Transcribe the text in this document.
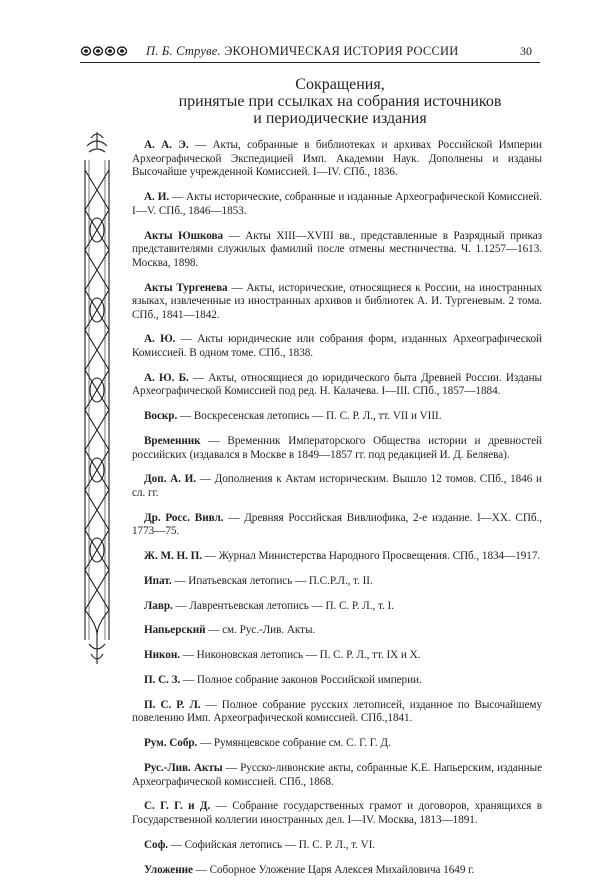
П. Б. Струве. ЭКОНОМИЧЕСКАЯ ИСТОРИЯ РОССИИ	30
Сокращения,
принятые при ссылках на собрания источников
и периодические издания

А. А. Э. — Акты, собранные в библиотеках и архивах Российской Империи Археографической Экспедицией Имп. Академии Наук. Дополнены и изданы Высочайше учрежденной Комиссией. I—IV. СПб., 1836.

А. И. — Акты исторические, собранные и изданные Археографической Комиссией. I—V. СПб., 1846—1853.

Акты Юшкова — Акты XIII—XVIII вв., представленные в Разрядный приказ представителями служилых фамилий после отмены местничества. Ч. 1.1257—1613. Москва, 1898.

Акты Тургенева — Акты, исторические, относящиеся к России, на иностранных языках, извлеченные из иностранных архивов и библиотек А. И. Тургеневым. 2 тома. СПб., 1841—1842.

А. Ю. — Акты юридические или собрания форм, изданных Археографической Комиссией. В одном томе. СПб., 1838.

А. Ю. Б. — Акты, относящиеся до юридического быта Древней России. Изданы Археографической Комиссией под ред. Н. Калачева. I—III. СПб., 1857—1884.

Воскр. — Воскресенская летопись — П. С. Р. Л., тт. VII и VIII.

Временник — Временник Императорского Общества истории и древностей российских (издавался в Москве в 1849—1857 гг. под редакцией И. Д. Беляева).

Доп. А. И. — Дополнения к Актам историческим. Вышло 12 томов. СПб., 1846 и сл. гг.

Др. Росс. Вивл. — Древняя Российская Вивлиофика, 2-е издание. I—XX. СПб., 1773—75.

Ж. М. Н. П. — Журнал Министерства Народного Просвещения. СПб., 1834—1917.

Ипат. — Ипатьевская летопись — П.С.Р.Л., т. II.

Лавр. — Лаврентьевская летопись — П. С. Р. Л., т. I.

Напьерский — см. Рус.-Лив. Акты.

Никон. — Никоновская летопись — П. С. Р. Л., тт. IX и X.

П. С. З. — Полное собрание законов Российской империи.

П. С. Р. Л. — Полное собрание русских летописей, изданное по Высочайшему повелению Имп. Археографической комиссией. СПб.,1841.

Рум. Собр. — Румянцевское собрание см. С. Г. Г. Д.

Рус.-Лив. Акты — Русско-ливонские акты, собранные К.Е. Напьерским, изданные Археографической комиссией. СПб., 1868.

С. Г. Г. и Д. — Собрание государственных грамот и договоров, хранящихся в Государственной коллегии иностранных дел. I—IV. Москва, 1813—1891.

Соф. — Софийская летопись — П. С. Р. Л., т. VI.

Уложение — Соборное Уложение Царя Алексея Михайловича 1649 г.
